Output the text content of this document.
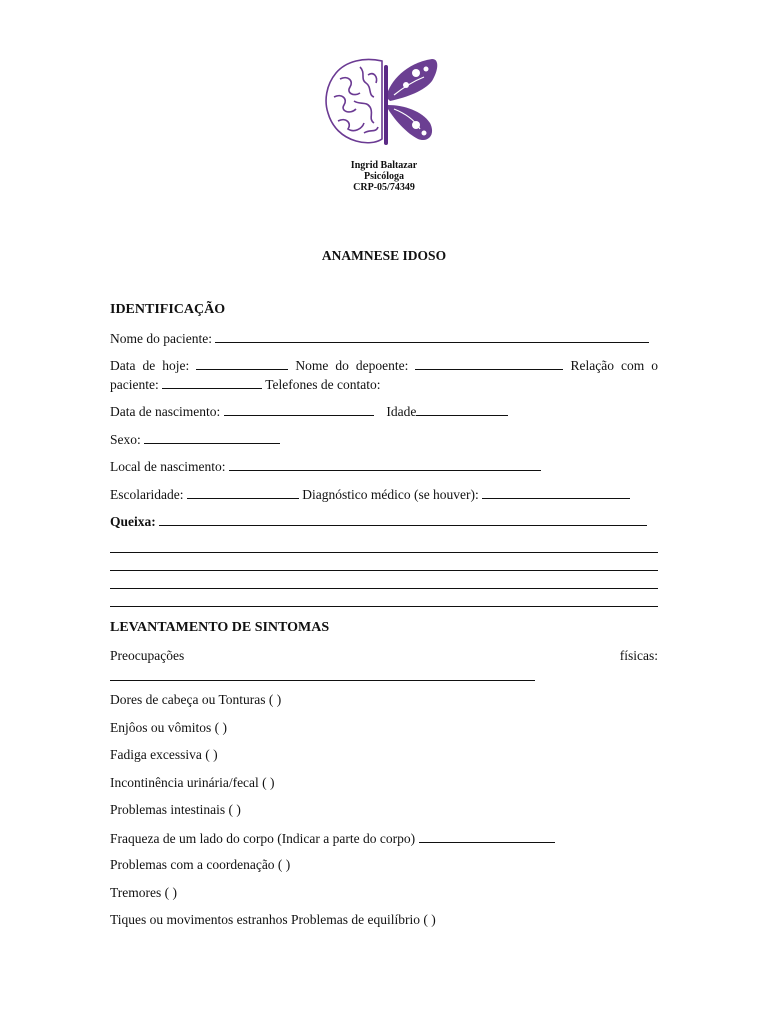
Ingrid Baltazar
Psicóloga
CRP-05/74349
ANAMNESE IDOSO
IDENTIFICAÇÃO
Nome do paciente:
Data de hoje:	Nome do depoente:	Relação com o
paciente:	Telefones de contato:
Data de nascimento:	Idade
Sexo:
Local de nascimento:
Escolaridade:	Diagnóstico médico (se houver):
Queixa:
LEVANTAMENTO DE SINTOMAS
Preocupações	físicas:
Dores de cabeça ou Tonturas ( )
Enjôos ou vômitos ( )
Fadiga excessiva ( )
Incontinência urinária/fecal ( )
Problemas intestinais ( )
Fraqueza de um lado do corpo (Indicar a parte do corpo)
Problemas com a coordenação ( )
Tremores ( )
Tiques ou movimentos estranhos Problemas de equilíbrio ( )
